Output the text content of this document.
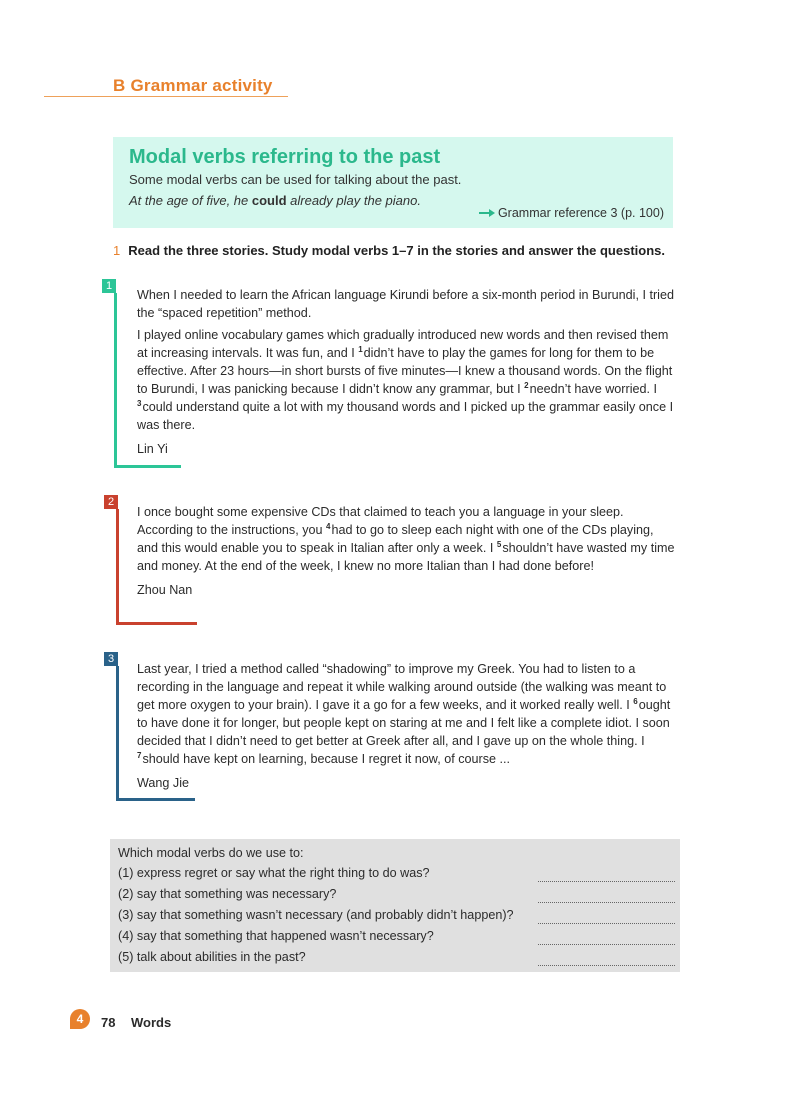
B Grammar activity
Modal verbs referring to the past
Some modal verbs can be used for talking about the past.
At the age of five, he could already play the piano.
Grammar reference 3 (p. 100)
1 Read the three stories. Study modal verbs 1–7 in the stories and answer the questions.
1

When I needed to learn the African language Kirundi before a six-month period in Burundi, I tried the “spaced repetition” method.

I played online vocabulary games which gradually introduced new words and then revised them at increasing intervals. It was fun, and I $^1$didn’t have to play the games for long for them to be effective. After 23 hours—in short bursts of five minutes—I knew a thousand words. On the flight to Burundi, I was panicking because I didn’t know any grammar, but I $^2$needn’t have worried. I $^3$could understand quite a lot with my thousand words and I picked up the grammar easily once I was there.

Lin Yi
2

I once bought some expensive CDs that claimed to teach you a language in your sleep. According to the instructions, you $^4$had to go to sleep each night with one of the CDs playing, and this would enable you to speak in Italian after only a week. I $^5$shouldn’t have wasted my time and money. At the end of the week, I knew no more Italian than I had done before!

Zhou Nan
3

Last year, I tried a method called “shadowing” to improve my Greek. You had to listen to a recording in the language and repeat it while walking around outside (the walking was meant to get more oxygen to your brain). I gave it a go for a few weeks, and it worked really well. I $^6$ought to have done it for longer, but people kept on staring at me and I felt like a complete idiot. I soon decided that I didn’t need to get better at Greek after all, and I gave up on the whole thing. I $^7$should have kept on learning, because I regret it now, of course ...

Wang Jie
Which modal verbs do we use to:
(1) express regret or say what the right thing to do was?
(2) say that something was necessary?
(3) say that something wasn’t necessary (and probably didn’t happen)?
(4) say that something that happened wasn’t necessary?
(5) talk about abilities in the past?
4	78 Words
